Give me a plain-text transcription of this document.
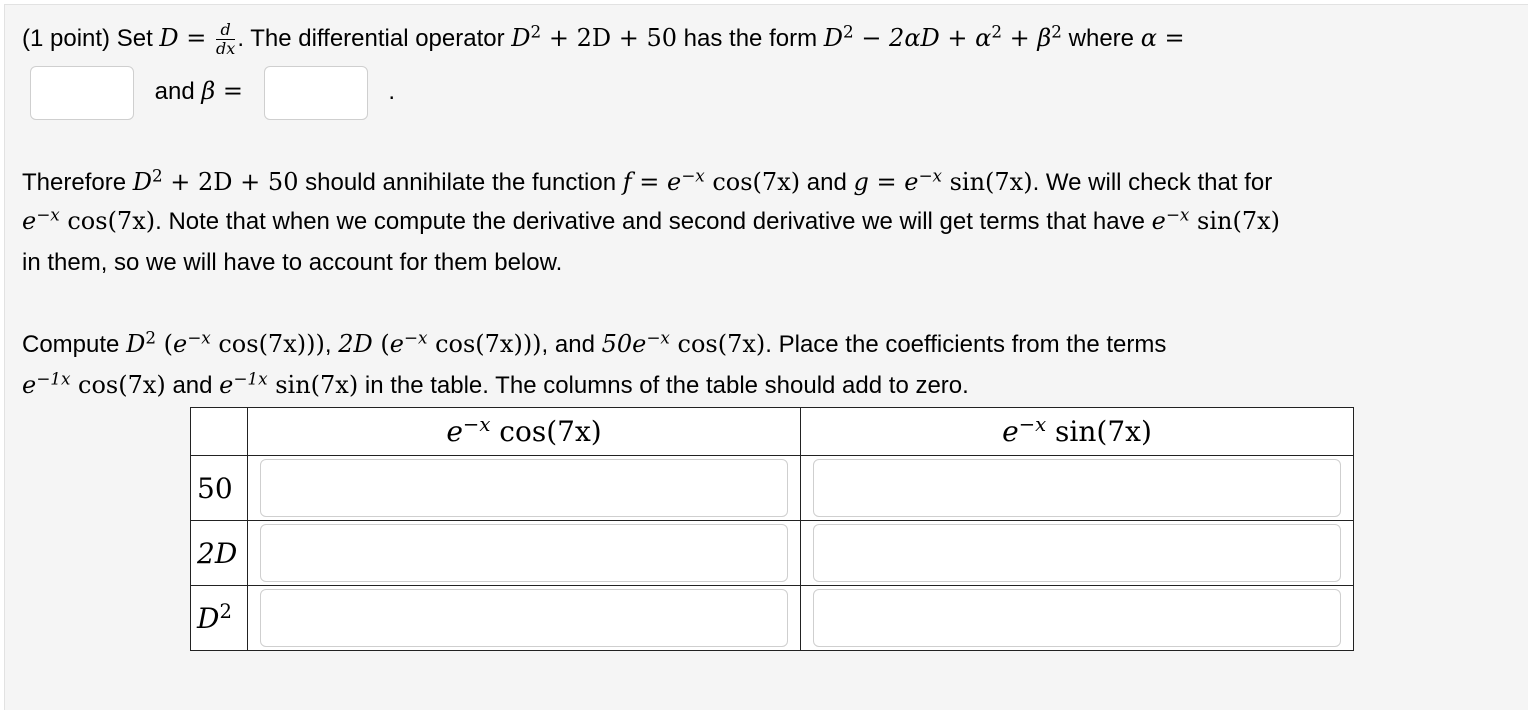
(1 point) Set $D = \frac{d}{dx}$ . The differential operator $D^2 + 2D + 50$ has the form $D^2 - 2\alpha D + \alpha^2 + \beta^2$ where α =
and β =	.
Therefore $D^2 + 2D + 50$ should annihilate the function $f = e^{-x}$ cos(7x) and $g = e^{-x}$ sin(7x). We will check that for
$e^{-x}$ cos(7x). Note that when we compute the derivative and second derivative we will get terms that have $e^{-x}$ sin(7x)
in them, so we will have to account for them below.
Compute $D^2$ ($e^{-x}$ cos(7x))), 2D ($e^{-x}$ cos(7x))), and $50e^{-x}$ cos(7x). Place the coefficients from the terms
$e^{-1x}$ cos(7x) and $e^{-1x}$ sin(7x) in the table. The columns of the table should add to zero.
	$e^{-x}$ cos(7x)	$e^{-x}$ sin(7x)
50		
2D		
$D^2$		
